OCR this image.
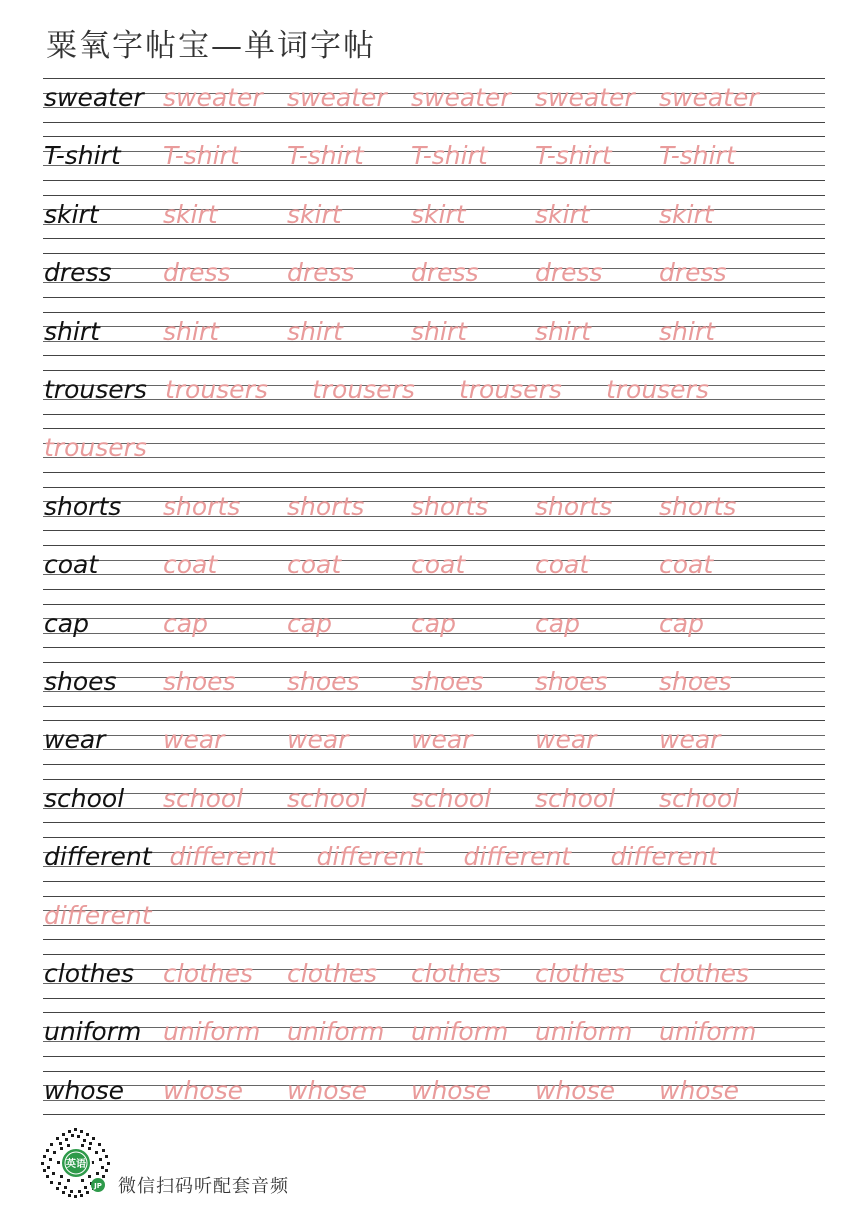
粟氧字帖宝—单词字帖
sweater sweater sweater sweater sweater sweater
T-shirt T-shirt T-shirt T-shirt T-shirt T-shirt
skirt	skirt	skirt	skirt	skirt	skirt
dress dress dress dress dress dress
shirt	shirt	shirt	shirt	shirt	shirt
trousers trousers trousers trousers trousers
trousers
shorts shorts shorts shorts shorts shorts
coat	coat	coat	coat	coat	coat
cap	cap	cap	cap	cap	cap
shoes shoes shoes shoes shoes shoes
wear wear	wear	wear	wear	wear
school school school school school school
different different different different different
different
clothes clothes clothes clothes clothes clothes
uniform uniform uniform uniform uniform uniform
whose whose whose whose whose whose
英语
JP 微信扫码听配套音频
